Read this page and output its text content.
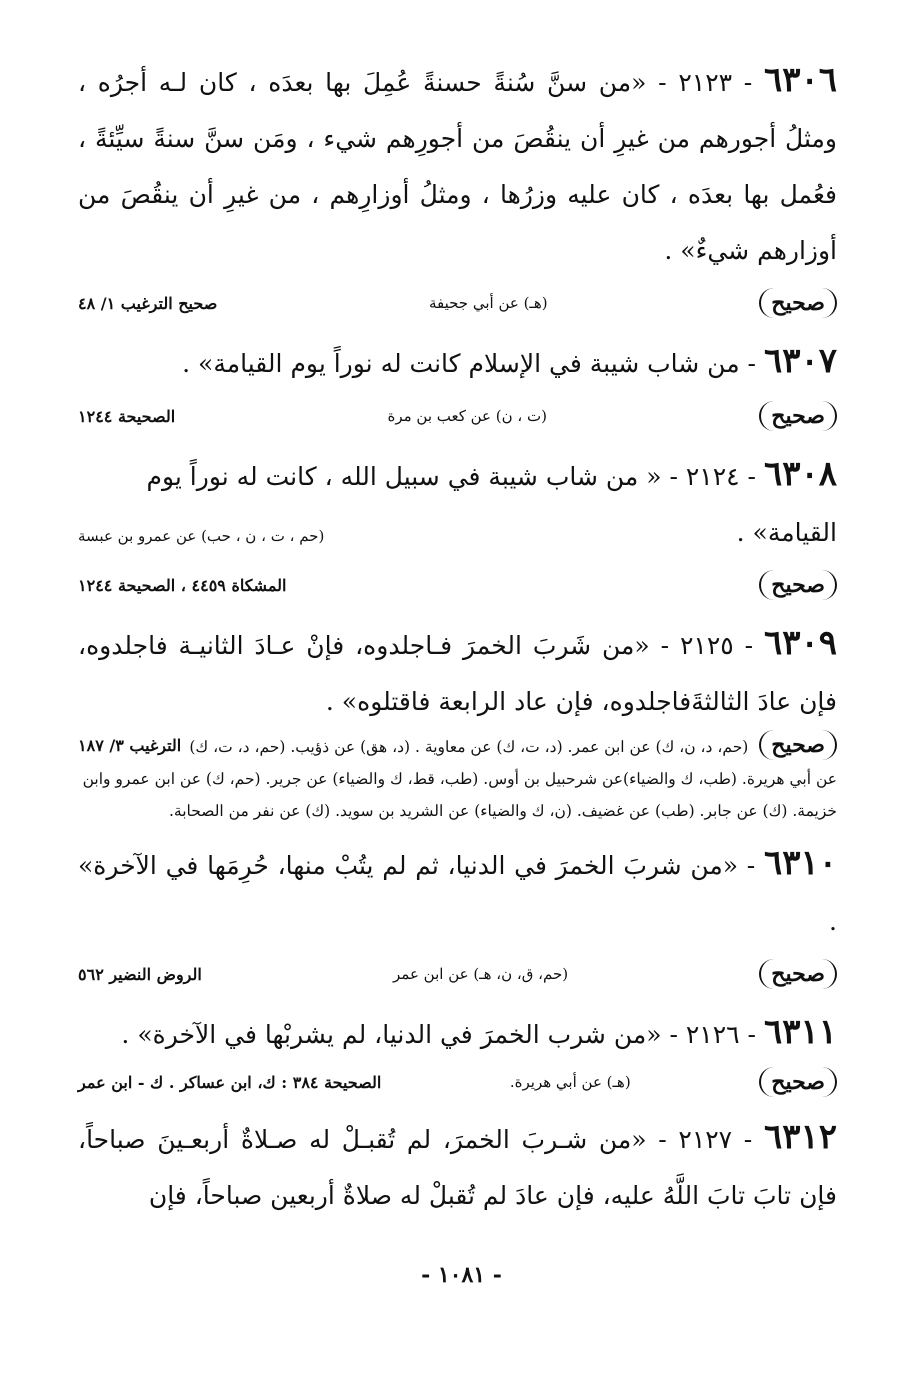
٦٣٠٦ - ٢١٢٣ - «من سنَّ سُنةً حسنةً عُمِلَ بها بعدَه ، كان لـه أجرُه ، ومثلُ أجورهم من غيرِ أن ينقُصَ من أجورِهم شيء ، ومَن سنَّ سنةً سيِّئةً ، فعُمل بها بعدَه ، كان عليه وزرُها ، ومثلُ أوزارِهم ، من غيرِ أن ينقُصَ من أوزارهم شيءٌ» .

صحيح
(هـ) عن أبي جحيفة
صحيح الترغيب ١/ ٤٨

٦٣٠٧ - من شاب شيبة في الإسلام كانت له نوراً يوم القيامة» .

صحيح
(ت ، ن) عن كعب بن مرة
الصحيحة ١٢٤٤

٦٣٠٨ - ٢١٢٤ - « من شاب شيبة في سبيل الله ، كانت له نوراً يوم

القيامة» .

(حم ، ت ، ن ، حب) عن عمرو بن عبسة
صحيح
المشكاة ٤٤٥٩ ، الصحيحة ١٢٤٤

٦٣٠٩ - ٢١٢٥ - «من شَربَ الخمرَ فـاجلدوه، فإنْ عـادَ الثانيـة فاجلدوه، فإن عادَ الثالثةَفاجلدوه، فإن عاد الرابعة فاقتلوه» .

صحيح
الترغيب ٣/ ١٨٧ (حم، د، ن، ك) عن ابن عمر. (د، ت، ك) عن معاوية . (د، هق) عن ذؤيب. (حم، د، ت، ك) عن أبي هريرة. (طب، ك والضياء)عن شرحبيل بن أوس. (طب، قط، ك والضياء) عن جرير. (حم، ك) عن ابن عمرو وابن خزيمة. (ك) عن جابر. (طب) عن غضيف. (ن، ك والضياء) عن الشريد بن سويد. (ك) عن نفر من الصحابة.

٦٣١٠ - «من شربَ الخمرَ في الدنيا، ثم لم يتُبْ منها، حُرِمَها في الآخرة» .

صحيح
(حم، ق، ن، هـ) عن ابن عمر
الروض النضير ٥٦٢

٦٣١١ - ٢١٢٦ - «من شرب الخمرَ في الدنيا، لم يشربْها في الآخرة» .

صحيح
(هـ) عن أبي هريرة.
الصحيحة ٣٨٤ : ك، ابن عساكر . ك - ابن عمر

٦٣١٢ - ٢١٢٧ - «من شـربَ الخمرَ، لم تُقبـلْ له صـلاةٌ أربعـينَ صباحاً، فإن تابَ تابَ اللَّهُ عليه، فإن عادَ لم تُقبلْ له صلاةٌ أربعين صباحاً، فإن

- ١٠٨١ -
